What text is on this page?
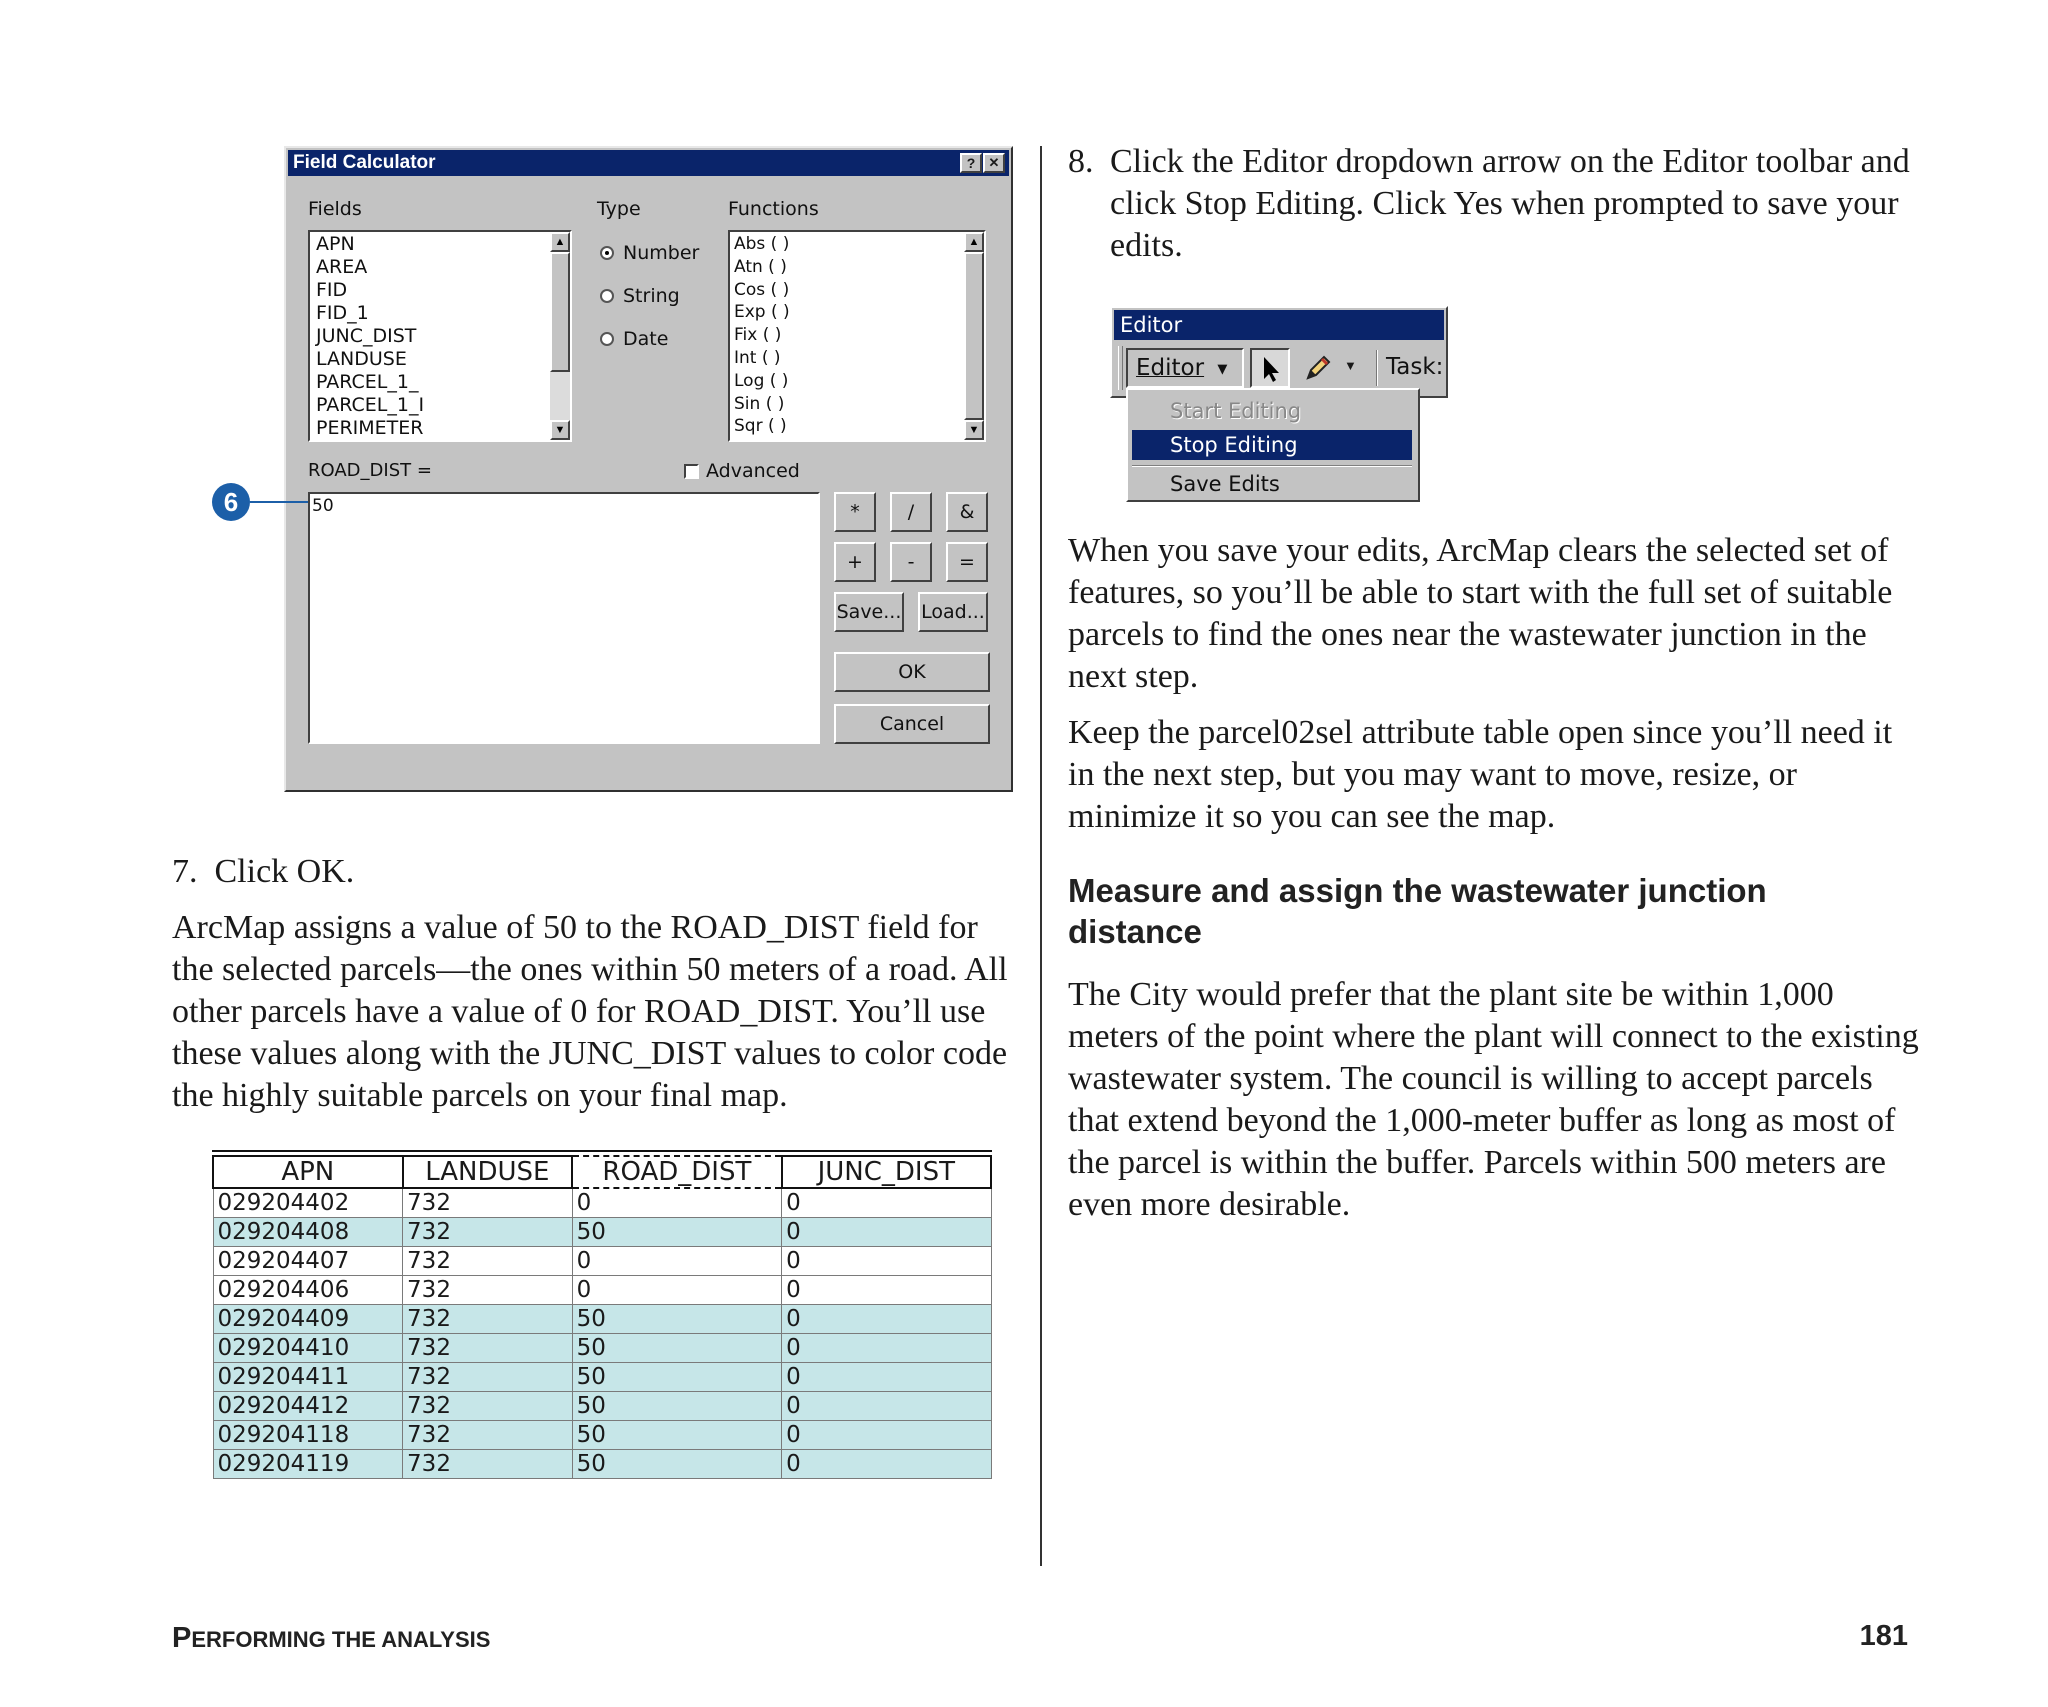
Field Calculator	?	✕
Fields	Type	Functions
APN
AREA
FID
FID_1
JUNC_DIST
LANDUSE
PARCEL_1_
PARCEL_1_I
PERIMETER
▲
▼
Number
String
Date
Abs ( )
Atn ( )
Cos ( )
Exp ( )
Fix ( )
Int ( )
Log ( )
Sin ( )
Sqr ( )
▲
▼
ROAD_DIST =	Advanced
50	*	/	&
+	-	=
Save... Load...
OK
Cancel
6
7.  Click OK.
ArcMap assigns a value of 50 to the ROAD_DIST field for the selected parcels—the ones within 50 meters of a road. All other parcels have a value of 0 for ROAD_DIST. You’ll use these values along with the JUNC_DIST values to color code the highly suitable parcels on your final map.
APN	LANDUSE	ROAD_DIST	JUNC_DIST
029204402	732	0	0
029204408	732	50	0
029204407	732	0	0
029204406	732	0	0
029204409	732	50	0
029204410	732	50	0
029204411	732	50	0
029204412	732	50	0
029204118	732	50	0
029204119	732	50	0
8. Click the Editor dropdown arrow on the Editor toolbar and click Stop Editing. Click Yes when prompted to save your edits.
Editor
Editor ▼	▼ Task:
Start Editing
Stop Editing
Save Edits
When you save your edits, ArcMap clears the selected set of features, so you’ll be able to start with the full set of suitable parcels to find the ones near the wastewater junction in the next step.
Keep the parcel02sel attribute table open since you’ll need it in the next step, but you may want to move, resize, or minimize it so you can see the map.
Measure and assign the wastewater junction distance
The City would prefer that the plant site be within 1,000 meters of the point where the plant will connect to the existing wastewater system. The council is willing to accept parcels that extend beyond the 1,000-meter buffer as long as most of the parcel is within the buffer. Parcels within 500 meters are even more desirable.
PERFORMING THE ANALYSIS	181
